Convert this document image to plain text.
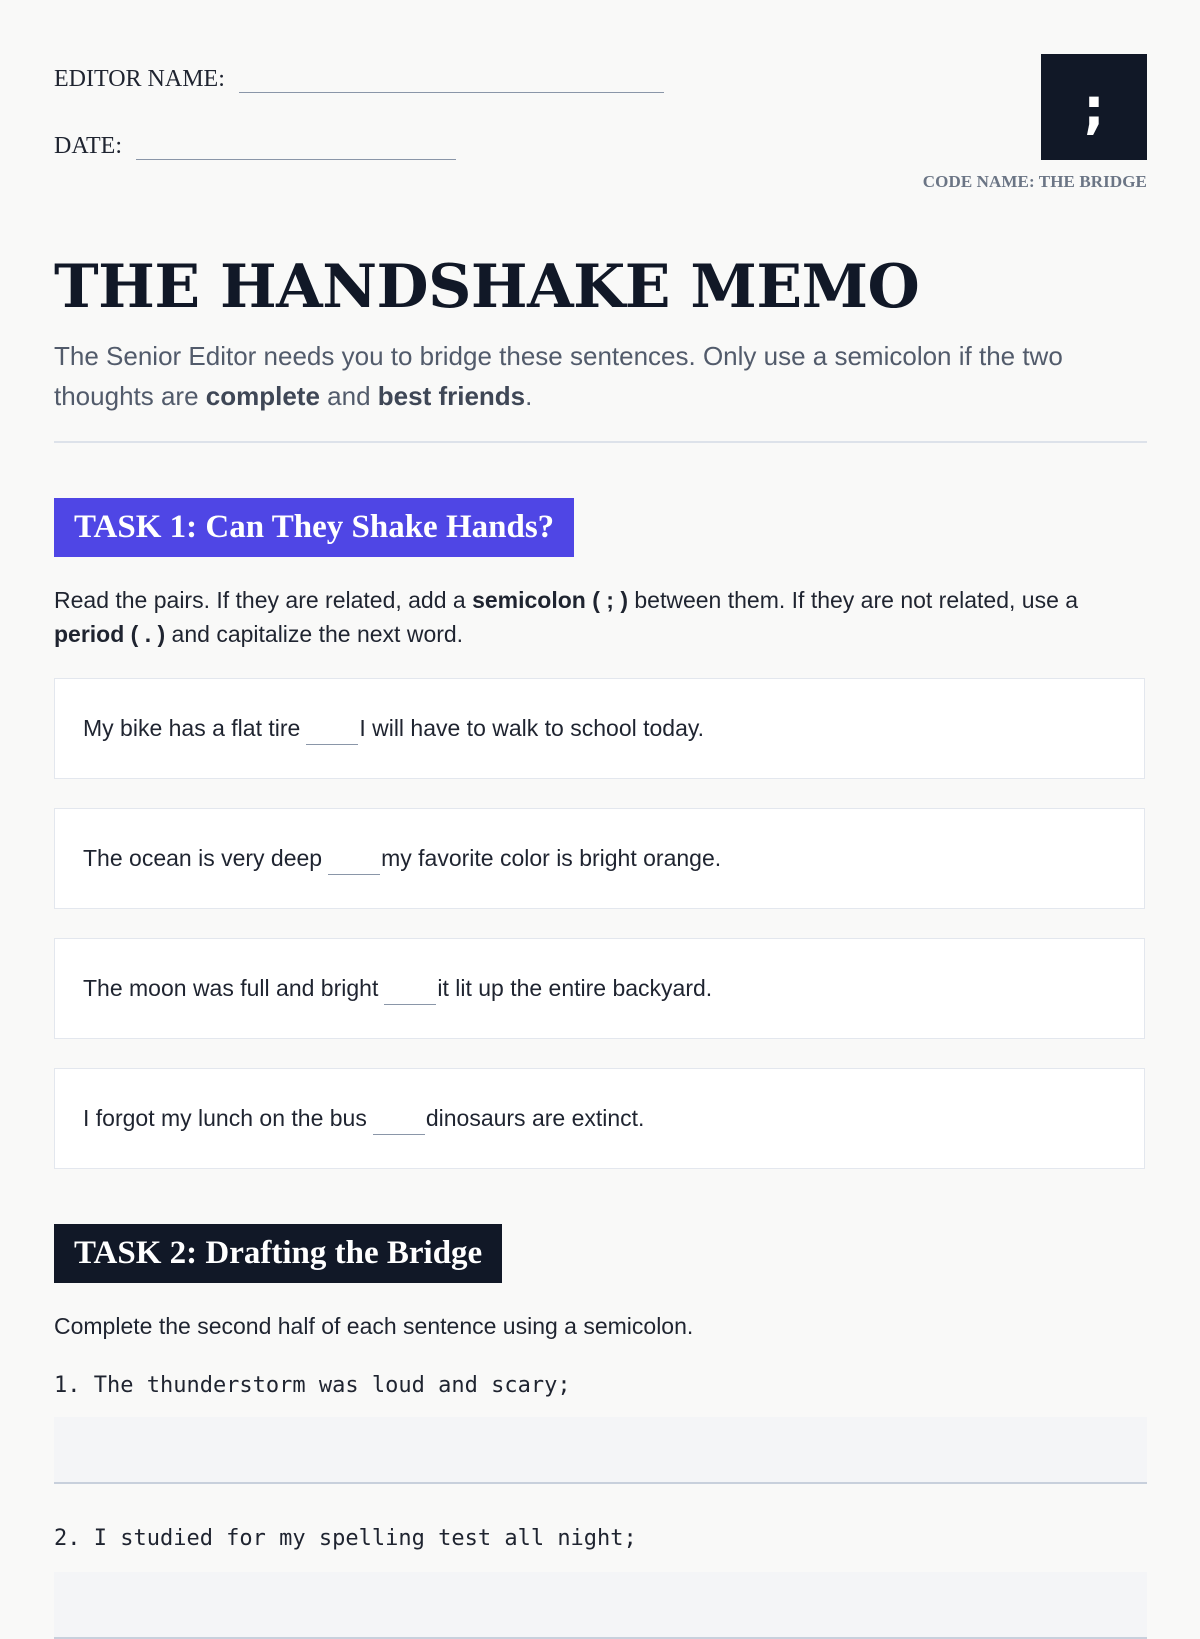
EDITOR NAME:
DATE:
;
CODE NAME: THE BRIDGE
THE HANDSHAKE MEMO

The Senior Editor needs you to bridge these sentences. Only use a semicolon if the two thoughts are complete and best friends.

TASK 1: Can They Shake Hands?

Read the pairs. If they are related, add a semicolon ( ; ) between them. If they are not related, use a period ( . ) and capitalize the next word.

My bike has a flat tire	I will have to walk to school today.
The ocean is very deep	my favorite color is bright orange.
The moon was full and bright	it lit up the entire backyard.
I forgot my lunch on the bus	dinosaurs are extinct.
TASK 2: Drafting the Bridge

Complete the second half of each sentence using a semicolon.

1. The thunderstorm was loud and scary;

2. I studied for my spelling test all night;
